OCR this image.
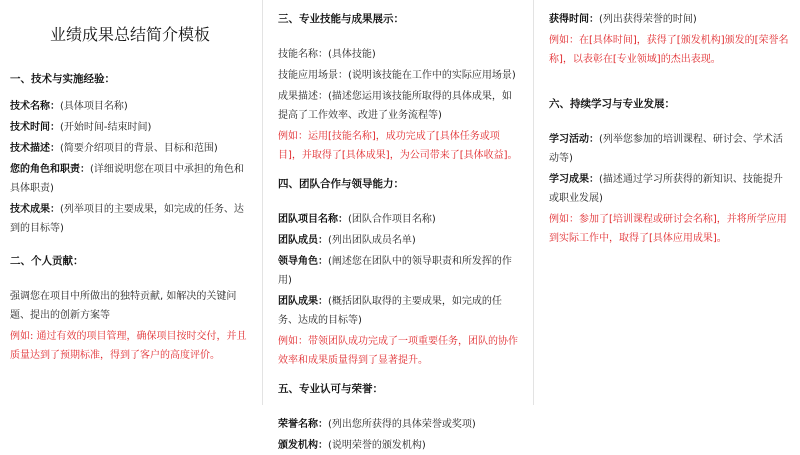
业绩成果总结简介模板
一、技术与实施经验：
技术名称：(具体项目名称)
技术时间：(开始时间-结束时间)
技术描述：(简要介绍项目的背景、目标和范围)
您的角色和职责：(详细说明您在项目中承担的角色和具体职责)
技术成果：(列举项目的主要成果，如完成的任务、达到的目标等)
二、个人贡献：
强调您在项目中所做出的独特贡献, 如解决的关键问题、提出的创新方案等
例如: 通过有效的项目管理，确保项目按时交付，并且质量达到了预期标准，得到了客户的高度评价。
三、专业技能与成果展示：
技能名称：(具体技能)
技能应用场景：(说明该技能在工作中的实际应用场景)
成果描述：(描述您运用该技能所取得的具体成果，如提高了工作效率、改进了业务流程等)
例如：运用[技能名称]，成功完成了[具体任务或项目]，并取得了[具体成果]，为公司带来了[具体收益]。
四、团队合作与领导能力：
团队项目名称：(团队合作项目名称)
团队成员：(列出团队成员名单)
领导角色：(阐述您在团队中的领导职责和所发挥的作用)
团队成果：(概括团队取得的主要成果，如完成的任务、达成的目标等)
例如：带领团队成功完成了一项重要任务，团队的协作效率和成果质量得到了显著提升。
五、专业认可与荣誉：
荣誉名称：(列出您所获得的具体荣誉或奖项)
颁发机构：(说明荣誉的颁发机构)
获得时间：(列出获得荣誉的时间)
例如：在[具体时间]，获得了[颁发机构]颁发的[荣誉名称]，以表彰在[专业领域]的杰出表现。
六、持续学习与专业发展：
学习活动：(列举您参加的培训课程、研讨会、学术活动等)
学习成果：(描述通过学习所获得的新知识、技能提升或职业发展)
例如：参加了[培训课程或研讨会名称]，并将所学应用到实际工作中，取得了[具体应用成果]。
